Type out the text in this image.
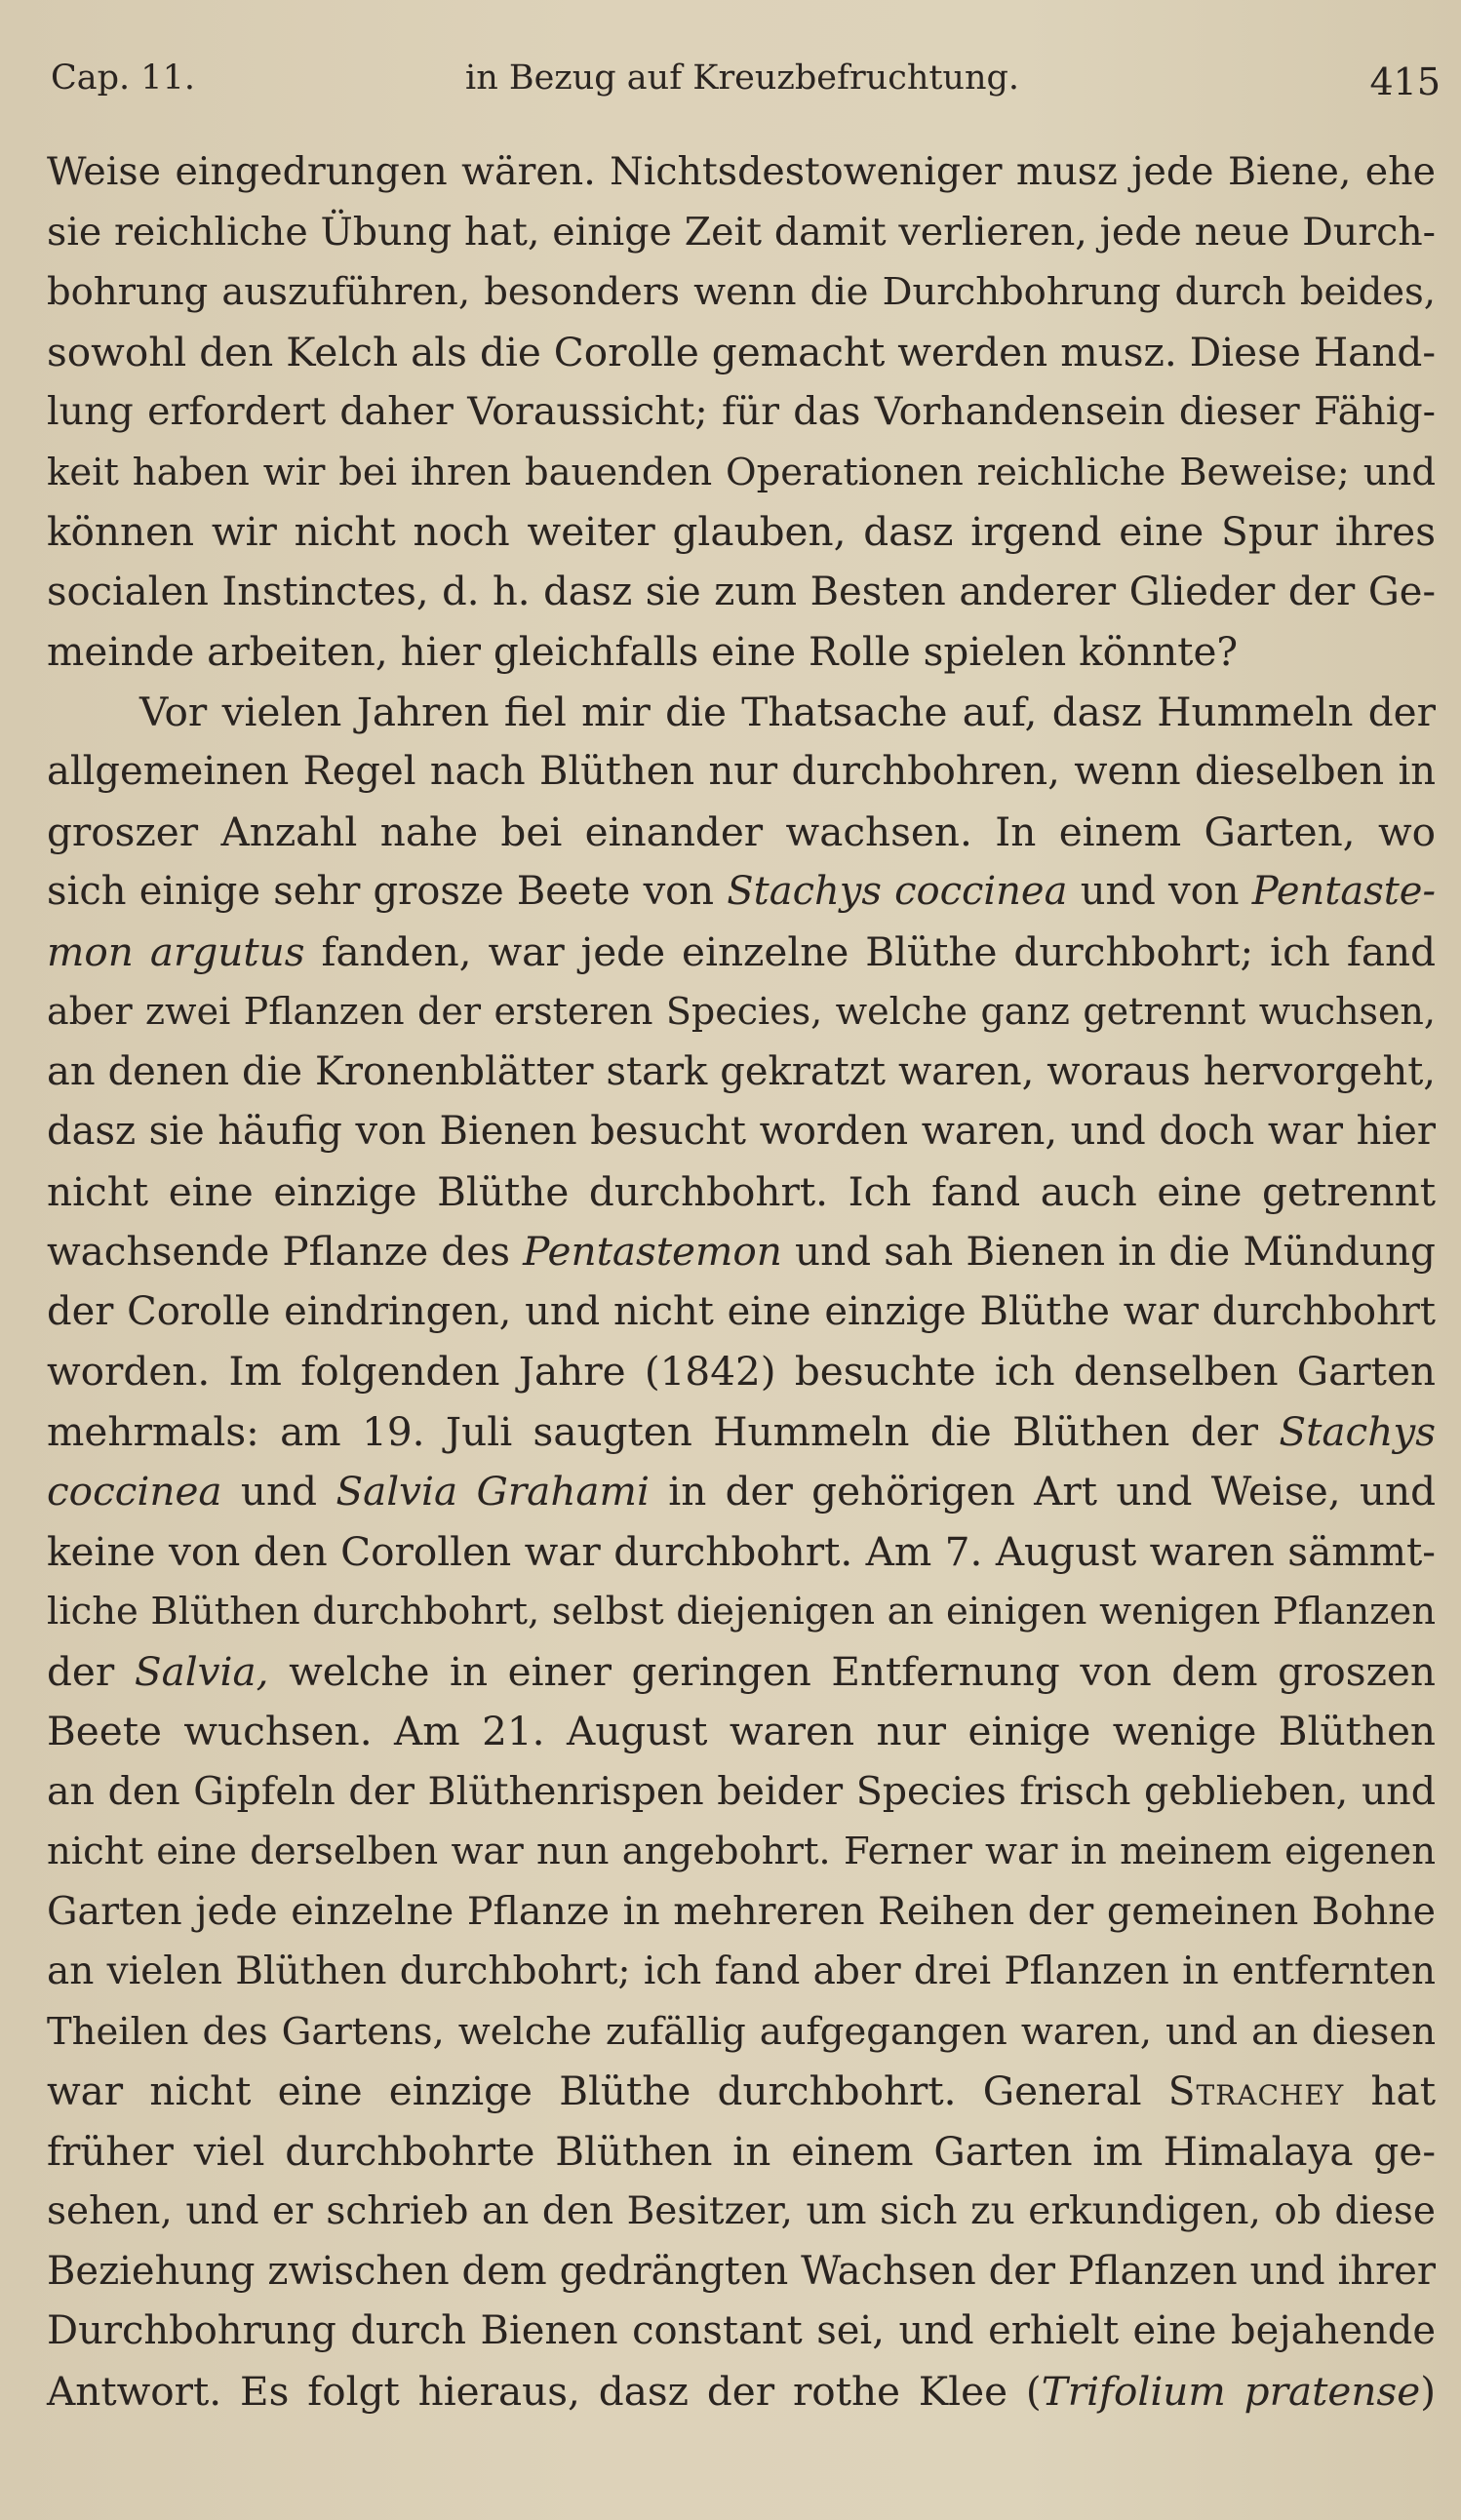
Cap. 11.	in Bezug auf Kreuzbefruchtung.	415
Weise eingedrungen wären. Nichtsdestoweniger musz jede Biene, ehe
sie reichliche Übung hat, einige Zeit damit verlieren, jede neue Durch-
bohrung auszuführen, besonders wenn die Durchbohrung durch beides,
sowohl den Kelch als die Corolle gemacht werden musz. Diese Hand-
lung erfordert daher Voraussicht; für das Vorhandensein dieser Fähig-
keit haben wir bei ihren bauenden Operationen reichliche Beweise; und
können wir nicht noch weiter glauben, dasz irgend eine Spur ihres
socialen Instinctes, d. h. dasz sie zum Besten anderer Glieder der Ge-
meinde arbeiten, hier gleichfalls eine Rolle spielen könnte?
Vor vielen Jahren fiel mir die Thatsache auf, dasz Hummeln der
allgemeinen Regel nach Blüthen nur durchbohren, wenn dieselben in
groszer Anzahl nahe bei einander wachsen. In einem Garten, wo
sich einige sehr grosze Beete von Stachys coccinea und von Pentaste-
mon argutus fanden, war jede einzelne Blüthe durchbohrt; ich fand
aber zwei Pflanzen der ersteren Species, welche ganz getrennt wuchsen,
an denen die Kronenblätter stark gekratzt waren, woraus hervorgeht,
dasz sie häufig von Bienen besucht worden waren, und doch war hier
nicht eine einzige Blüthe durchbohrt. Ich fand auch eine getrennt
wachsende Pflanze des Pentastemon und sah Bienen in die Mündung
der Corolle eindringen, und nicht eine einzige Blüthe war durchbohrt
worden. Im folgenden Jahre (1842) besuchte ich denselben Garten
mehrmals: am 19. Juli saugten Hummeln die Blüthen der Stachys
coccinea und Salvia Grahami in der gehörigen Art und Weise, und
keine von den Corollen war durchbohrt. Am 7. August waren sämmt-
liche Blüthen durchbohrt, selbst diejenigen an einigen wenigen Pflanzen
der Salvia, welche in einer geringen Entfernung von dem groszen
Beete wuchsen. Am 21. August waren nur einige wenige Blüthen
an den Gipfeln der Blüthenrispen beider Species frisch geblieben, und
nicht eine derselben war nun angebohrt. Ferner war in meinem eigenen
Garten jede einzelne Pflanze in mehreren Reihen der gemeinen Bohne
an vielen Blüthen durchbohrt; ich fand aber drei Pflanzen in entfernten
Theilen des Gartens, welche zufällig aufgegangen waren, und an diesen
war nicht eine einzige Blüthe durchbohrt. General Strachey hat
früher viel durchbohrte Blüthen in einem Garten im Himalaya ge-
sehen, und er schrieb an den Besitzer, um sich zu erkundigen, ob diese
Beziehung zwischen dem gedrängten Wachsen der Pflanzen und ihrer
Durchbohrung durch Bienen constant sei, und erhielt eine bejahende
Antwort. Es folgt hieraus, dasz der rothe Klee (Trifolium pratense)
